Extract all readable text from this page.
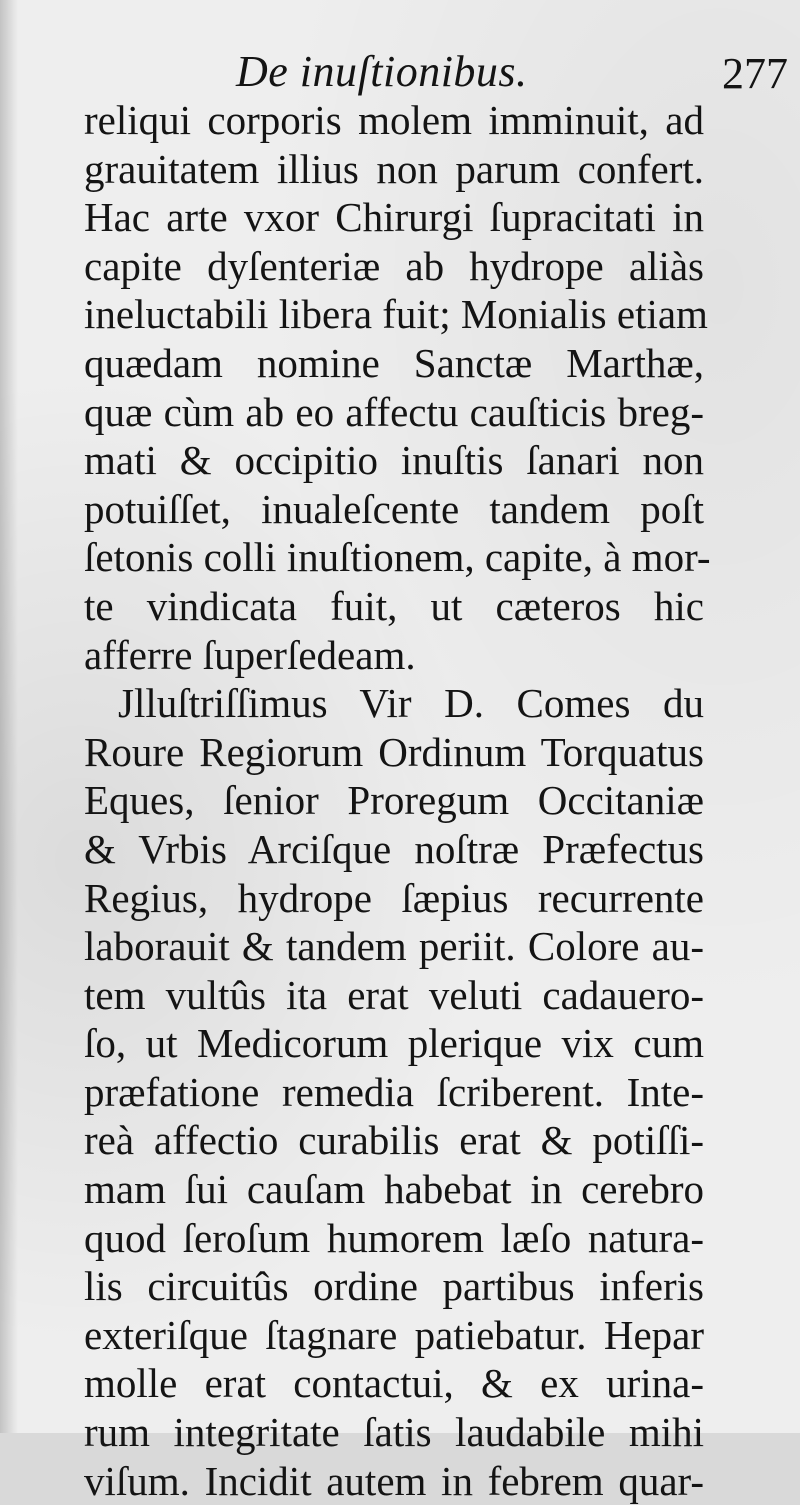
De inuſtionibus.	277
reliqui corporis molem imminuit, ad
grauitatem illius non parum confert.
Hac arte vxor Chirurgi ſupracitati in
capite dyſenteriæ ab hydrope aliàs
ineluctabili libera fuit; Monialis etiam
quædam nomine Sanctæ Marthæ,
quæ cùm ab eo affectu cauſticis breg-
mati & occipitio inuſtis ſanari non
potuiſſet, inualeſcente tandem poſt
ſetonis colli inuſtionem, capite, à mor-
te vindicata fuit, ut cæteros hic
afferre ſuperſedeam.
Jlluſtriſſimus Vir D. Comes du
Roure Regiorum Ordinum Torquatus
Eques, ſenior Proregum Occitaniæ
& Vrbis Arciſque noſtræ Præfectus
Regius, hydrope ſæpius recurrente
laborauit & tandem periit. Colore au-
tem vultûs ita erat veluti cadauero-
ſo, ut Medicorum plerique vix cum
præfatione remedia ſcriberent. Inte-
reà affectio curabilis erat & potiſſi-
mam ſui cauſam habebat in cerebro
quod ſeroſum humorem læſo natura-
lis circuitûs ordine partibus inferis
exteriſque ſtagnare patiebatur. Hepar
molle erat contactui, & ex urina-
rum integritate ſatis laudabile mihi
viſum. Incidit autem in febrem quar-
